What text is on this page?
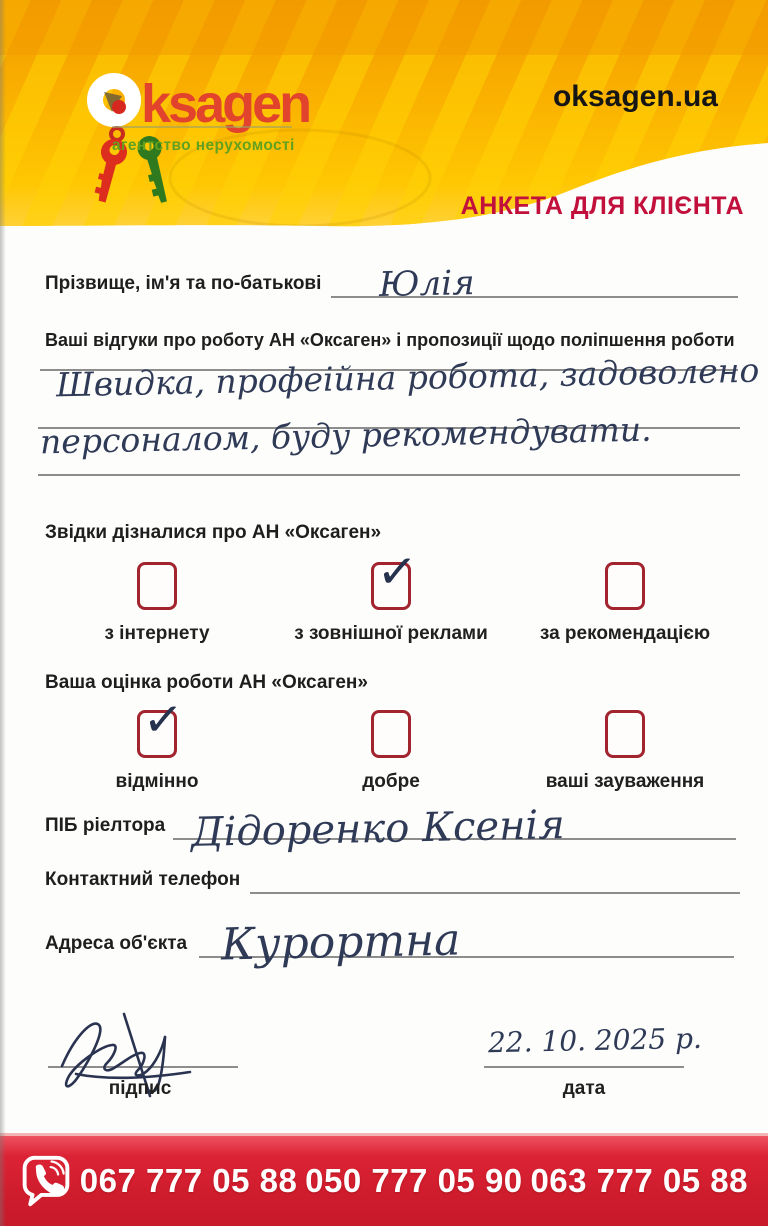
ksagen
агентство нерухомості
oksagen.ua
АНКЕТА ДЛЯ КЛІЄНТА
Прізвище, ім'я та по-батькові Юлія
Ваші відгуки про роботу АН «Оксаген» і пропозиції щодо поліпшення роботи
Швидка, профеійна робота, задоволено
персоналом, буду рекомендувати.
Звідки дізналися про АН «Оксаген»
з інтернету
✓
з зовнішної реклами	за рекомендацією
Ваша оцінка роботи АН «Оксаген»
✓
відмінно	добре	ваші зауваження
ПІБ ріелтора Дідоренко Ксенія
Контактний телефон
Адреса об'єкта Курортна
підпис
22. 10. 2025 р.
дата
067 777 05 88 050 777 05 90 063 777 05 88
